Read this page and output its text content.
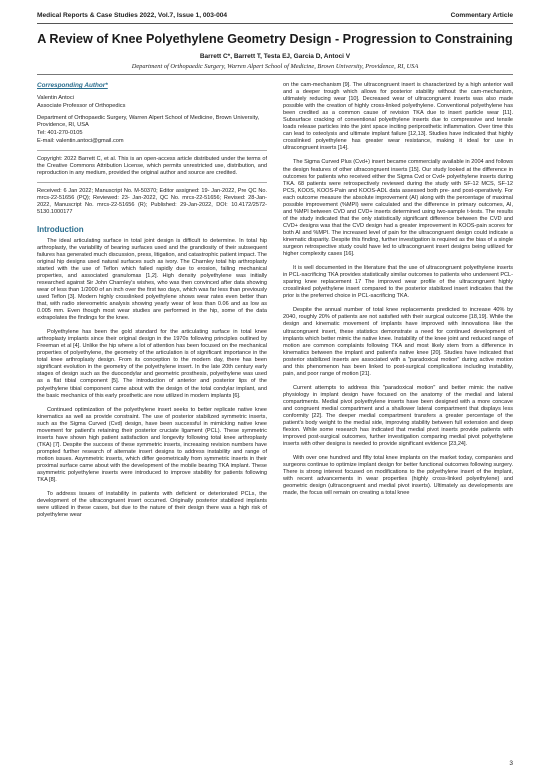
Medical Reports & Case Studies 2022, Vol.7, Issue 1, 003-004	Commentary Article
A Review of Knee Polyethylene Geometry Design - Progression to Constraining
Barrett C*, Barrett T, Testa EJ, Garcia D, Antoci V
Department of Orthopaedic Surgery, Warren Alpert School of Medicine, Brown University, Providence, RI, USA
Corresponding Author*

Valentin Antoci

Associate Professor of Orthopedics

Department of Orthopaedic Surgery, Warren Alpert School of Medicine, Brown University, Providence, RI, USA

Tel: 401-270-0105

E-mail: valentin.antoci@gmail.com

Copyright: 2022 Barrett C, et al. This is an open-access article distributed under the terms of the Creative Commons Attribution License, which permits unrestricted use, distribution, and reproduction in any medium, provided the original author and source are credited.

Received: 6 Jan 2022; Manuscript No. M-50370; Editor assigned: 19- Jan-2022, Pre QC No. mrcs-22-51656 (PQ); Reviewed: 23- Jan-2022, QC No. mrcs-22-51656; Revised: 28-Jan-2022, Manuscript No. mrcs-22-51656 (R); Published: 29-Jan-2022, DOI: 10.4172/2572-5130.1000177

Introduction

The ideal articulating surface in total joint design is difficult to determine. In total hip arthroplasty, the variability of bearing surfaces used and the grandiosity of their subsequent failures has generated much discussion, press, litigation, and catastrophic patient impact. The original hip designs used natural surfaces such as ivory. The Charnley total hip arthroplasty started with the use of Teflon which failed rapidly due to erosion, failing mechanical properties, and associated granulomas [1,2]. High density polyethylene was initially researched against Sir John Charnley's wishes, who was then convinced after data showing wear of less than 1/2000 of an inch over the first two days, which was far less than previously used Teflon [3]. Modern highly crosslinked polyethylene shows wear rates even better than that, with radio stereometric analysis showing yearly wear of less than 0.06 and as low as 0.005 mm. Even though most wear studies are performed in the hip, some of the data extrapolates the findings for the knee.

Polyethylene has been the gold standard for the articulating surface in total knee arthroplasty implants since their original design in the 1970s following principles outlined by Freeman et al [4]. Unlike the hip where a lot of attention has been focused on the mechanical properties of polyethylene, the geometry of the articulation is of significant importance in the total knee arthroplasty design. From its conception to the modern day, there has been significant evolution in the geometry of the polyethylene insert. In the late 20th century early stages of design such as the duocondylar and geometric prosthesis, polyethylene was used as a flat tibial component [5]. The introduction of anterior and posterior lips of the polyethylene tibial component came about with the design of the total condylar implant, and the basic mechanics of this early prosthetic are now utilized in modern implants [6].

Continued optimization of the polyethylene insert seeks to better replicate native knee kinematics as well as provide constraint. The use of posterior stabilized symmetric inserts, such as the Sigma Curved (Cvd) design, have been successful in mimicking native knee movement for patient's retaining their posterior cruciate ligament (PCL). These symmetric inserts have shown high patient satisfaction and longevity following total knee arthroplasty (TKA) [7]. Despite the success of these symmetric inserts, increasing revision numbers have prompted further research of alternate insert designs to address instability and range of motion issues. Asymmetric inserts, which differ geometrically from symmetric inserts in their proximal surface came about with the development of the mobile bearing TKA implant. These asymmetric polyethylene inserts were introduced to improve stability for patients following TKA [8].

To address issues of instability in patients with deficient or deteriorated PCLs, the development of the ultracongruent insert occurred. Originally posterior stabilized implants were utilized in these cases, but due to the nature of their design there was a high risk of polyethylene wear

on the cam-mechanism [9]. The ultracongruent insert is characterized by a high anterior wall and a deeper trough which allows for posterior stability without the cam-mechanism, ultimately reducing wear [10]. Decreased wear of ultracongruent inserts was also made possible with the creation of highly cross-linked polyethylene. Conventional polyethylene has been credited as a common cause of revision TKA due to insert particle wear [11]. Subsurface cracking of conventional polyethylene inserts due to compressive and tensile loads release particles into the joint space inciting periprosthetic inflammation. Over time this can lead to osteolysis and ultimate implant failure [12,13]. Studies have indicated that highly crosslinked polyethylene has greater wear resistance, making it ideal for use in ultracongruent inserts [14].

The Sigma Curved Plus (Cvd+) insert became commercially available in 2004 and follows the design features of other ultracongruent inserts [15]. Our study looked at the difference in outcomes for patients who received either the Sigma Cvd or Cvd+ polyethylene inserts during TKA. 68 patients were retrospectively reviewed during the study with SF-12 MCS, SF-12 PCS, KOOS, KOOS-Pain and KOOS-ADL data assessed both pre- and post-operatively. For each outcome measure the absolute improvement (AI) along with the percentage of maximal possible improvement (%MPI) were calculated and the difference in primary outcomes, AI, and %MPI between CVD and CVD+ inserts determined using two-sample t-tests. The results of the study indicated that the only statistically significant difference between the CVD and CVD+ designs was that the CVD design had a greater improvement in KOOS-pain scores for both AI and %MPI. The increased level of pain for the ultracongruent design could indicate a kinematic disparity. Despite this finding, further investigation is required as the bias of a single surgeon retrospective study could have led to ultracongruent insert designs being utilized for higher complexity cases [16].

It is well documented in the literature that the use of ultracongruent polyethylene inserts in PCL-sacrificing TKA provides statistically similar outcomes to patients who underwent PCL-sparing knee replacement 17 The improved wear profile of the ultracongruent highly crosslinked polyethylene insert compared to the posterior stabilized insert indicates that the prior is the preferred choice in PCL-sacrificing TKA.

Despite the annual number of total knee replacements predicted to increase 40% by 2040, roughly 20% of patients are not satisfied with their surgical outcome [18,19]. While the design and kinematic movement of implants have improved with innovations like the ultracongruent insert, these statistics demonstrate a need for continued development of implants which better mimic the native knee. Instability of the knee joint and reduced range of motion are common complaints following TKA and most likely stem from a difference in kinematics between the implant and patient's native knee [20]. Studies have indicated that posterior stabilized inserts are associated with a "paradoxical motion" during active motion and this phenomenon has been linked to post-surgical complications including instability, pain, and poor range of motion [21].

Current attempts to address this "paradoxical motion" and better mimic the native physiology in implant design have focused on the anatomy of the medial and lateral compartments. Medial pivot polyethylene inserts have been designed with a more concave and congruent medial compartment and a shallower lateral compartment that displays less conformity [22]. The deeper medial compartment transfers a greater percentage of the patient's body weight to the medial side, improving stability between full extension and deep flexion. While some research has indicated that medial pivot inserts provide patients with improved post-surgical outcomes, further investigation comparing medial pivot polyethylene inserts with other designs is needed to provide significant evidence [23,24].

With over one hundred and fifty total knee implants on the market today, companies and surgeons continue to optimize implant design for better functional outcomes following surgery. There is strong interest focused on modifications to the polyethylene insert of the implant, with recent advancements in wear properties (highly cross-linked polyethylene) and geometric design (ultracongruent and medial pivot inserts). Ultimately as developments are made, the focus will remain on creating a total knee

3
